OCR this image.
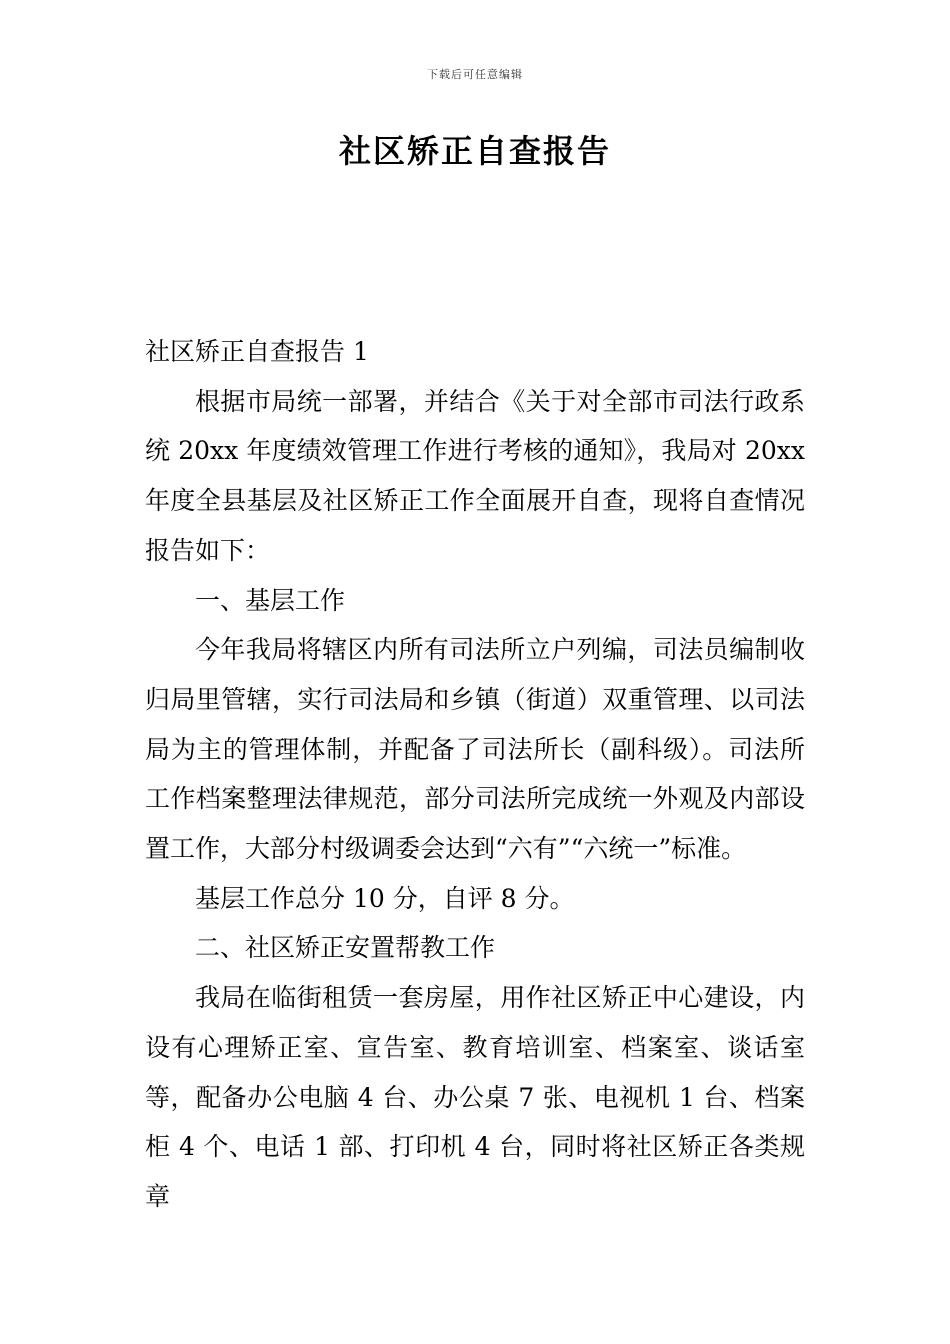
下载后可任意编辑
社区矫正自查报告

社区矫正自查报告 1

根据市局统一部署，并结合《关于对全部市司法行政系统 20xx 年度绩效管理工作进行考核的通知》，我局对 20xx 年度全县基层及社区矫正工作全面展开自查，现将自查情况报告如下：

一、基层工作

今年我局将辖区内所有司法所立户列编，司法员编制收归局里管辖，实行司法局和乡镇（街道）双重管理、以司法局为主的管理体制，并配备了司法所长（副科级）。司法所工作档案整理法律规范，部分司法所完成统一外观及内部设置工作，大部分村级调委会达到“六有”“六统一”标准。

基层工作总分 10 分，自评 8 分。

二、社区矫正安置帮教工作

我局在临街租赁一套房屋，用作社区矫正中心建设，内设有心理矫正室、宣告室、教育培训室、档案室、谈话室等，配备办公电脑 4 台、办公桌 7 张、电视机 1 台、档案柜 4 个、电话 1 部、打印机 4 台，同时将社区矫正各类规章
